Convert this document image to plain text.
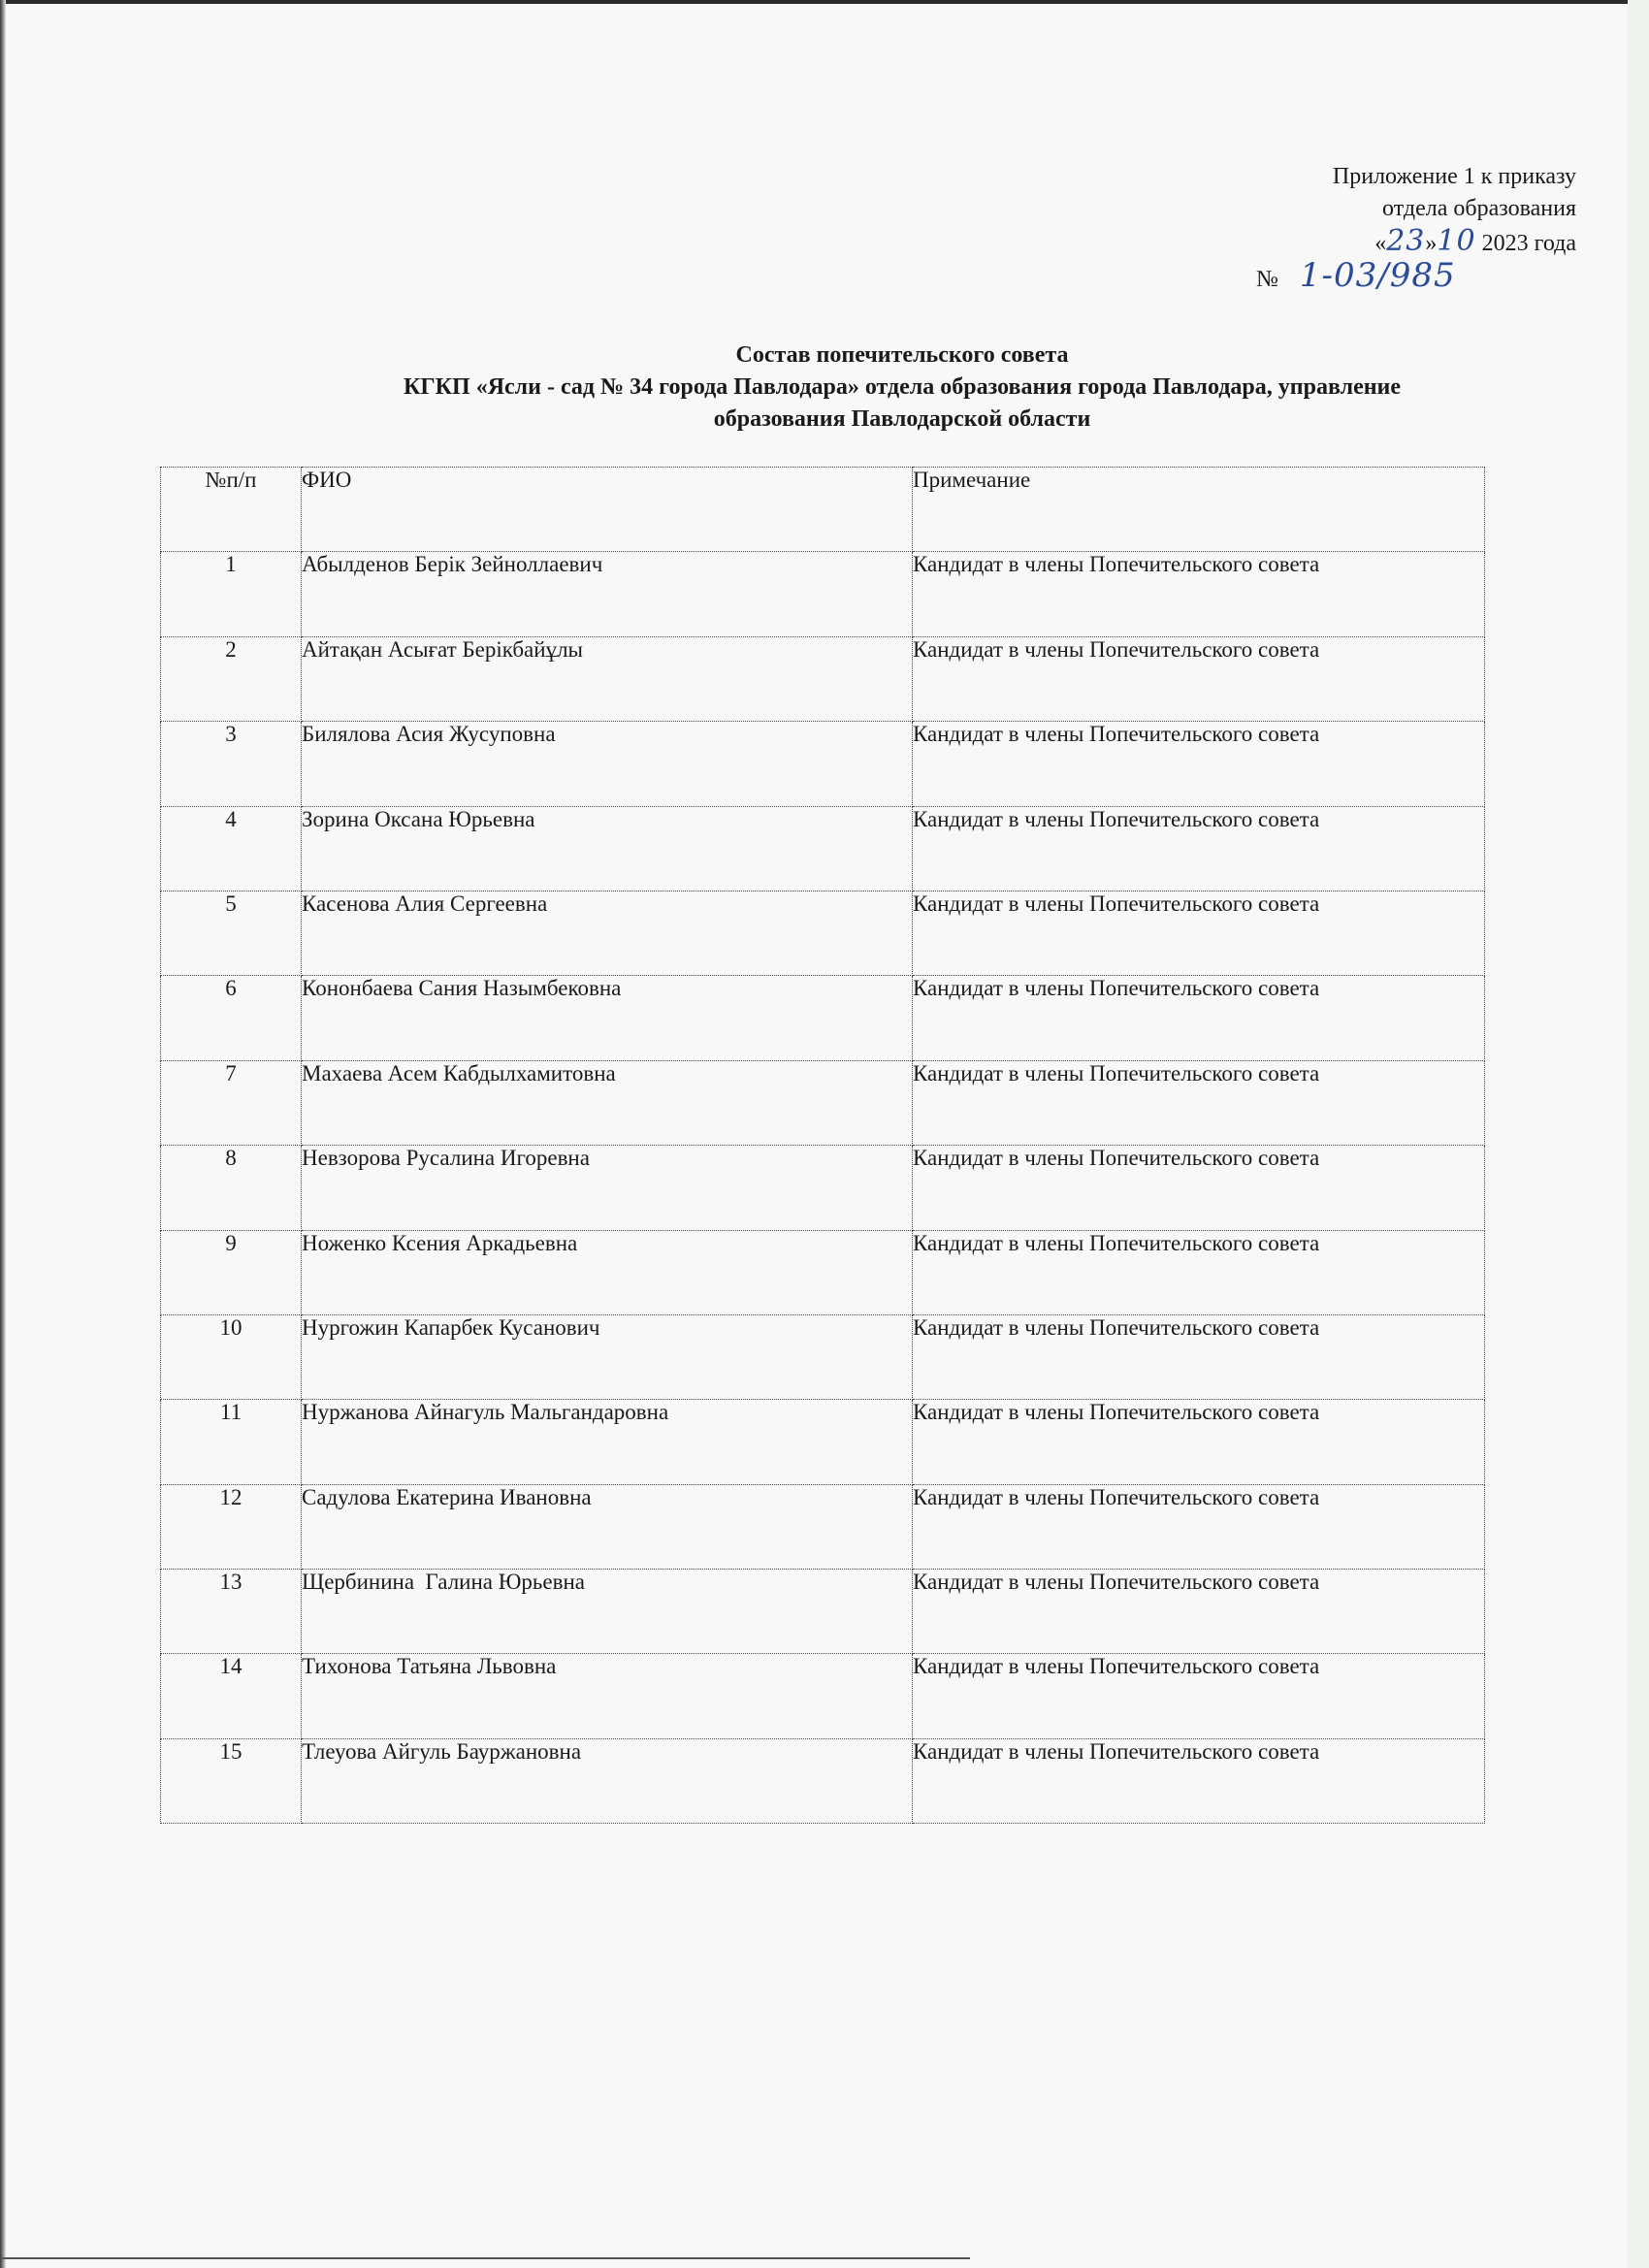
Приложение 1 к приказу
отдела образования
«23»10 2023 года
№ 1-03/985
Состав попечительского совета
КГКП «Ясли - сад № 34 города Павлодара» отдела образования города Павлодара, управление
образования Павлодарской области
№п/п	ФИО	Примечание
1	Абылденов Берік Зейноллаевич	Кандидат в члены Попечительского совета
2	Айтақан Асығат Берікбайұлы	Кандидат в члены Попечительского совета
3	Билялова Асия Жусуповна	Кандидат в члены Попечительского совета
4	Зорина Оксана Юрьевна	Кандидат в члены Попечительского совета
5	Касенова Алия Сергеевна	Кандидат в члены Попечительского совета
6	Кононбаева Сания Назымбековна	Кандидат в члены Попечительского совета
7	Махаева Асем Кабдылхамитовна	Кандидат в члены Попечительского совета
8	Невзорова Русалина Игоревна	Кандидат в члены Попечительского совета
9	Ноженко Ксения Аркадьевна	Кандидат в члены Попечительского совета
10	Нургожин Капарбек Кусанович	Кандидат в члены Попечительского совета
11	Нуржанова Айнагуль Мальгандаровна	Кандидат в члены Попечительского совета
12	Садулова Екатерина Ивановна	Кандидат в члены Попечительского совета
13	Щербинина  Галина Юрьевна	Кандидат в члены Попечительского совета
14	Тихонова Татьяна Львовна	Кандидат в члены Попечительского совета
15	Тлеуова Айгуль Бауржановна	Кандидат в члены Попечительского совета
